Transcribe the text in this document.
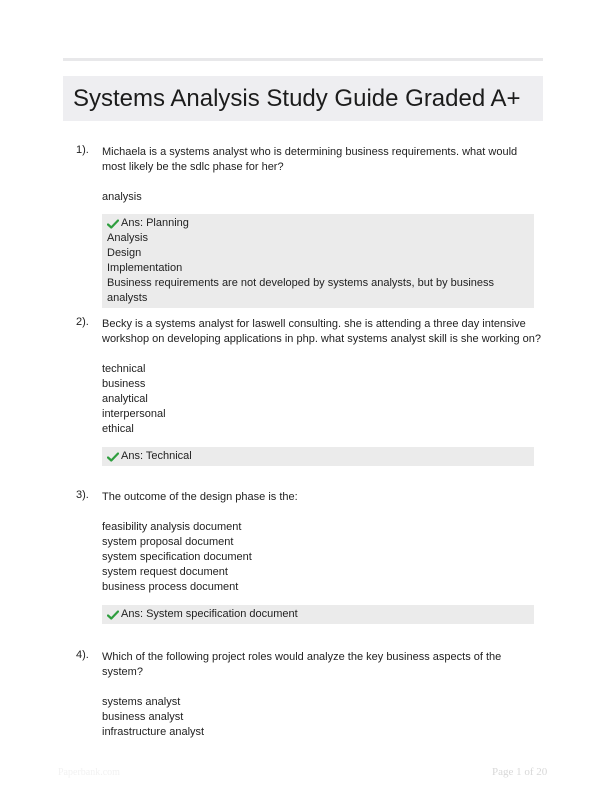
Systems Analysis Study Guide Graded A+
1). Michaela is a systems analyst who is determining business requirements. what would most likely be the sdlc phase for her?
analysis
Ans: Planning
Analysis
Design
Implementation
Business requirements are not developed by systems analysts, but by business analysts
2). Becky is a systems analyst for laswell consulting. she is attending a three day intensive workshop on developing applications in php. what systems analyst skill is she working on?
technical
business
analytical
interpersonal
ethical
Ans: Technical
3). The outcome of the design phase is the:
feasibility analysis document
system proposal document
system specification document
system request document
business process document
Ans: System specification document
4). Which of the following project roles would analyze the key business aspects of the system?
systems analyst
business analyst
infrastructure analyst
Paperbank.com	Page 1 of 20
